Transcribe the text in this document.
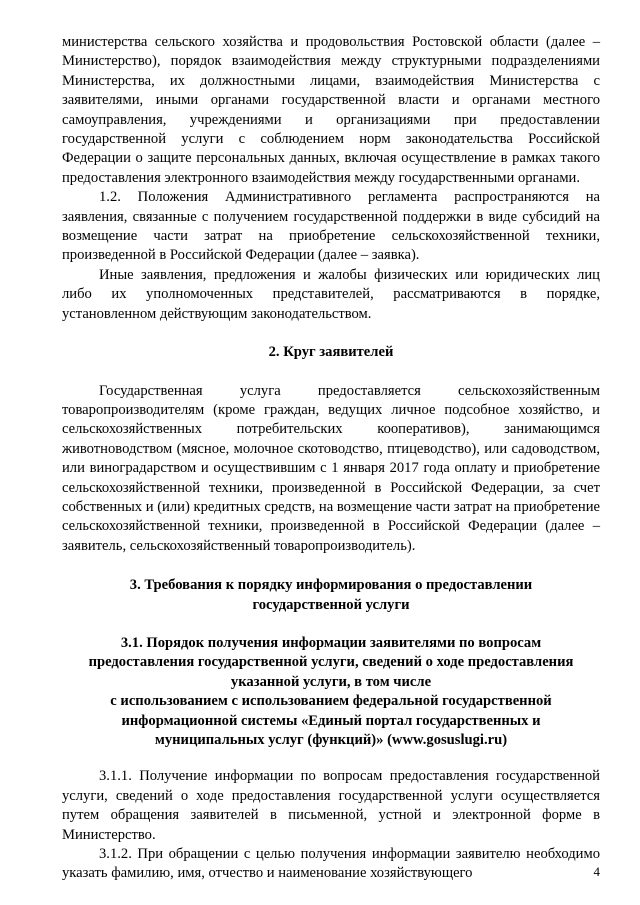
министерства сельского хозяйства и продовольствия Ростовской области (далее – Министерство), порядок взаимодействия между структурными подразделениями Министерства, их должностными лицами, взаимодействия Министерства с заявителями, иными органами государственной власти и органами местного самоуправления, учреждениями и организациями при предоставлении государственной услуги с соблюдением норм законодательства Российской Федерации о защите персональных данных, включая осуществление в рамках такого предоставления электронного взаимодействия между государственными органами.

1.2. Положения Административного регламента распространяются на заявления, связанные с получением государственной поддержки в виде субсидий на возмещение части затрат на приобретение сельскохозяйственной техники, произведенной в Российской Федерации (далее – заявка).

Иные заявления, предложения и жалобы физических или юридических лиц либо их уполномоченных представителей, рассматриваются в порядке, установленном действующим законодательством.

2. Круг заявителей

Государственная услуга предоставляется сельскохозяйственным товаропроизводителям (кроме граждан, ведущих личное подсобное хозяйство, и сельскохозяйственных потребительских кооперативов), занимающимся животноводством (мясное, молочное скотоводство, птицеводство), или садоводством, или виноградарством и осуществившим с 1 января 2017 года оплату и приобретение сельскохозяйственной техники, произведенной в Российской Федерации, за счет собственных и (или) кредитных средств, на возмещение части затрат на приобретение сельскохозяйственной техники, произведенной в Российской Федерации (далее – заявитель, сельскохозяйственный товаропроизводитель).

3. Требования к порядку информирования о предоставлении
государственной услуги
3.1. Порядок получения информации заявителями по вопросам
предоставления государственной услуги, сведений о ходе предоставления
указанной услуги, в том числе
с использованием с использованием федеральной государственной
информационной системы «Единый портал государственных и
муниципальных услуг (функций)» (www.gosuslugi.ru)

3.1.1. Получение информации по вопросам предоставления государственной услуги, сведений о ходе предоставления государственной услуги осуществляется путем обращения заявителей в письменной, устной и электронной форме в Министерство.

3.1.2. При обращении с целью получения информации заявителю необходимо указать фамилию, имя, отчество и наименование хозяйствующего	4
